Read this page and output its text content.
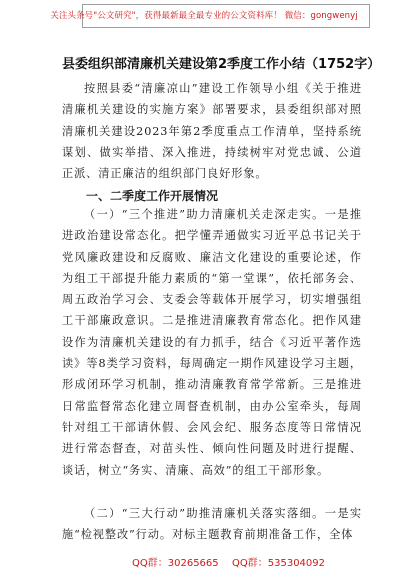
关注头条号"公文研究"，获得最新最全最专业的公文资料库！ 微信：gongwenyj
县委组织部清廉机关建设第2季度工作小结（1752字）

按照县委“清廉凉山”建设工作领导小组《关于推进清廉机关建设的实施方案》部署要求，县委组织部对照清廉机关建设2023年第2季度重点工作清单，坚持系统谋划、做实举措、深入推进，持续树牢对党忠诚、公道正派、清正廉洁的组织部门良好形象。

一、二季度工作开展情况

（一）“三个推进”助力清廉机关走深走实。一是推进政治建设常态化。把学懂弄通做实习近平总书记关于党风廉政建设和反腐败、廉洁文化建设的重要论述，作为组工干部提升能力素质的“第一堂课”，依托部务会、周五政治学习会、支委会等载体开展学习，切实增强组工干部廉政意识。二是推进清廉教育常态化。把作风建设作为清廉机关建设的有力抓手，结合《习近平著作选读》等8类学习资料，每周确定一期作风建设学习主题，形成闭环学习机制，推动清廉教育常学常新。三是推进日常监督常态化建立周督查机制，由办公室牵头，每周针对组工干部请休假、会风会纪、服务态度等日常情况进行常态督查，对苗头性、倾向性问题及时进行提醒、谈话，树立“务实、清廉、高效”的组工干部形象。

（二）“三大行动”助推清廉机关落实落细。一是实施“检视整改”行动。对标主题教育前期准备工作，全体

QQ群：30265665 QQ群：535304092
